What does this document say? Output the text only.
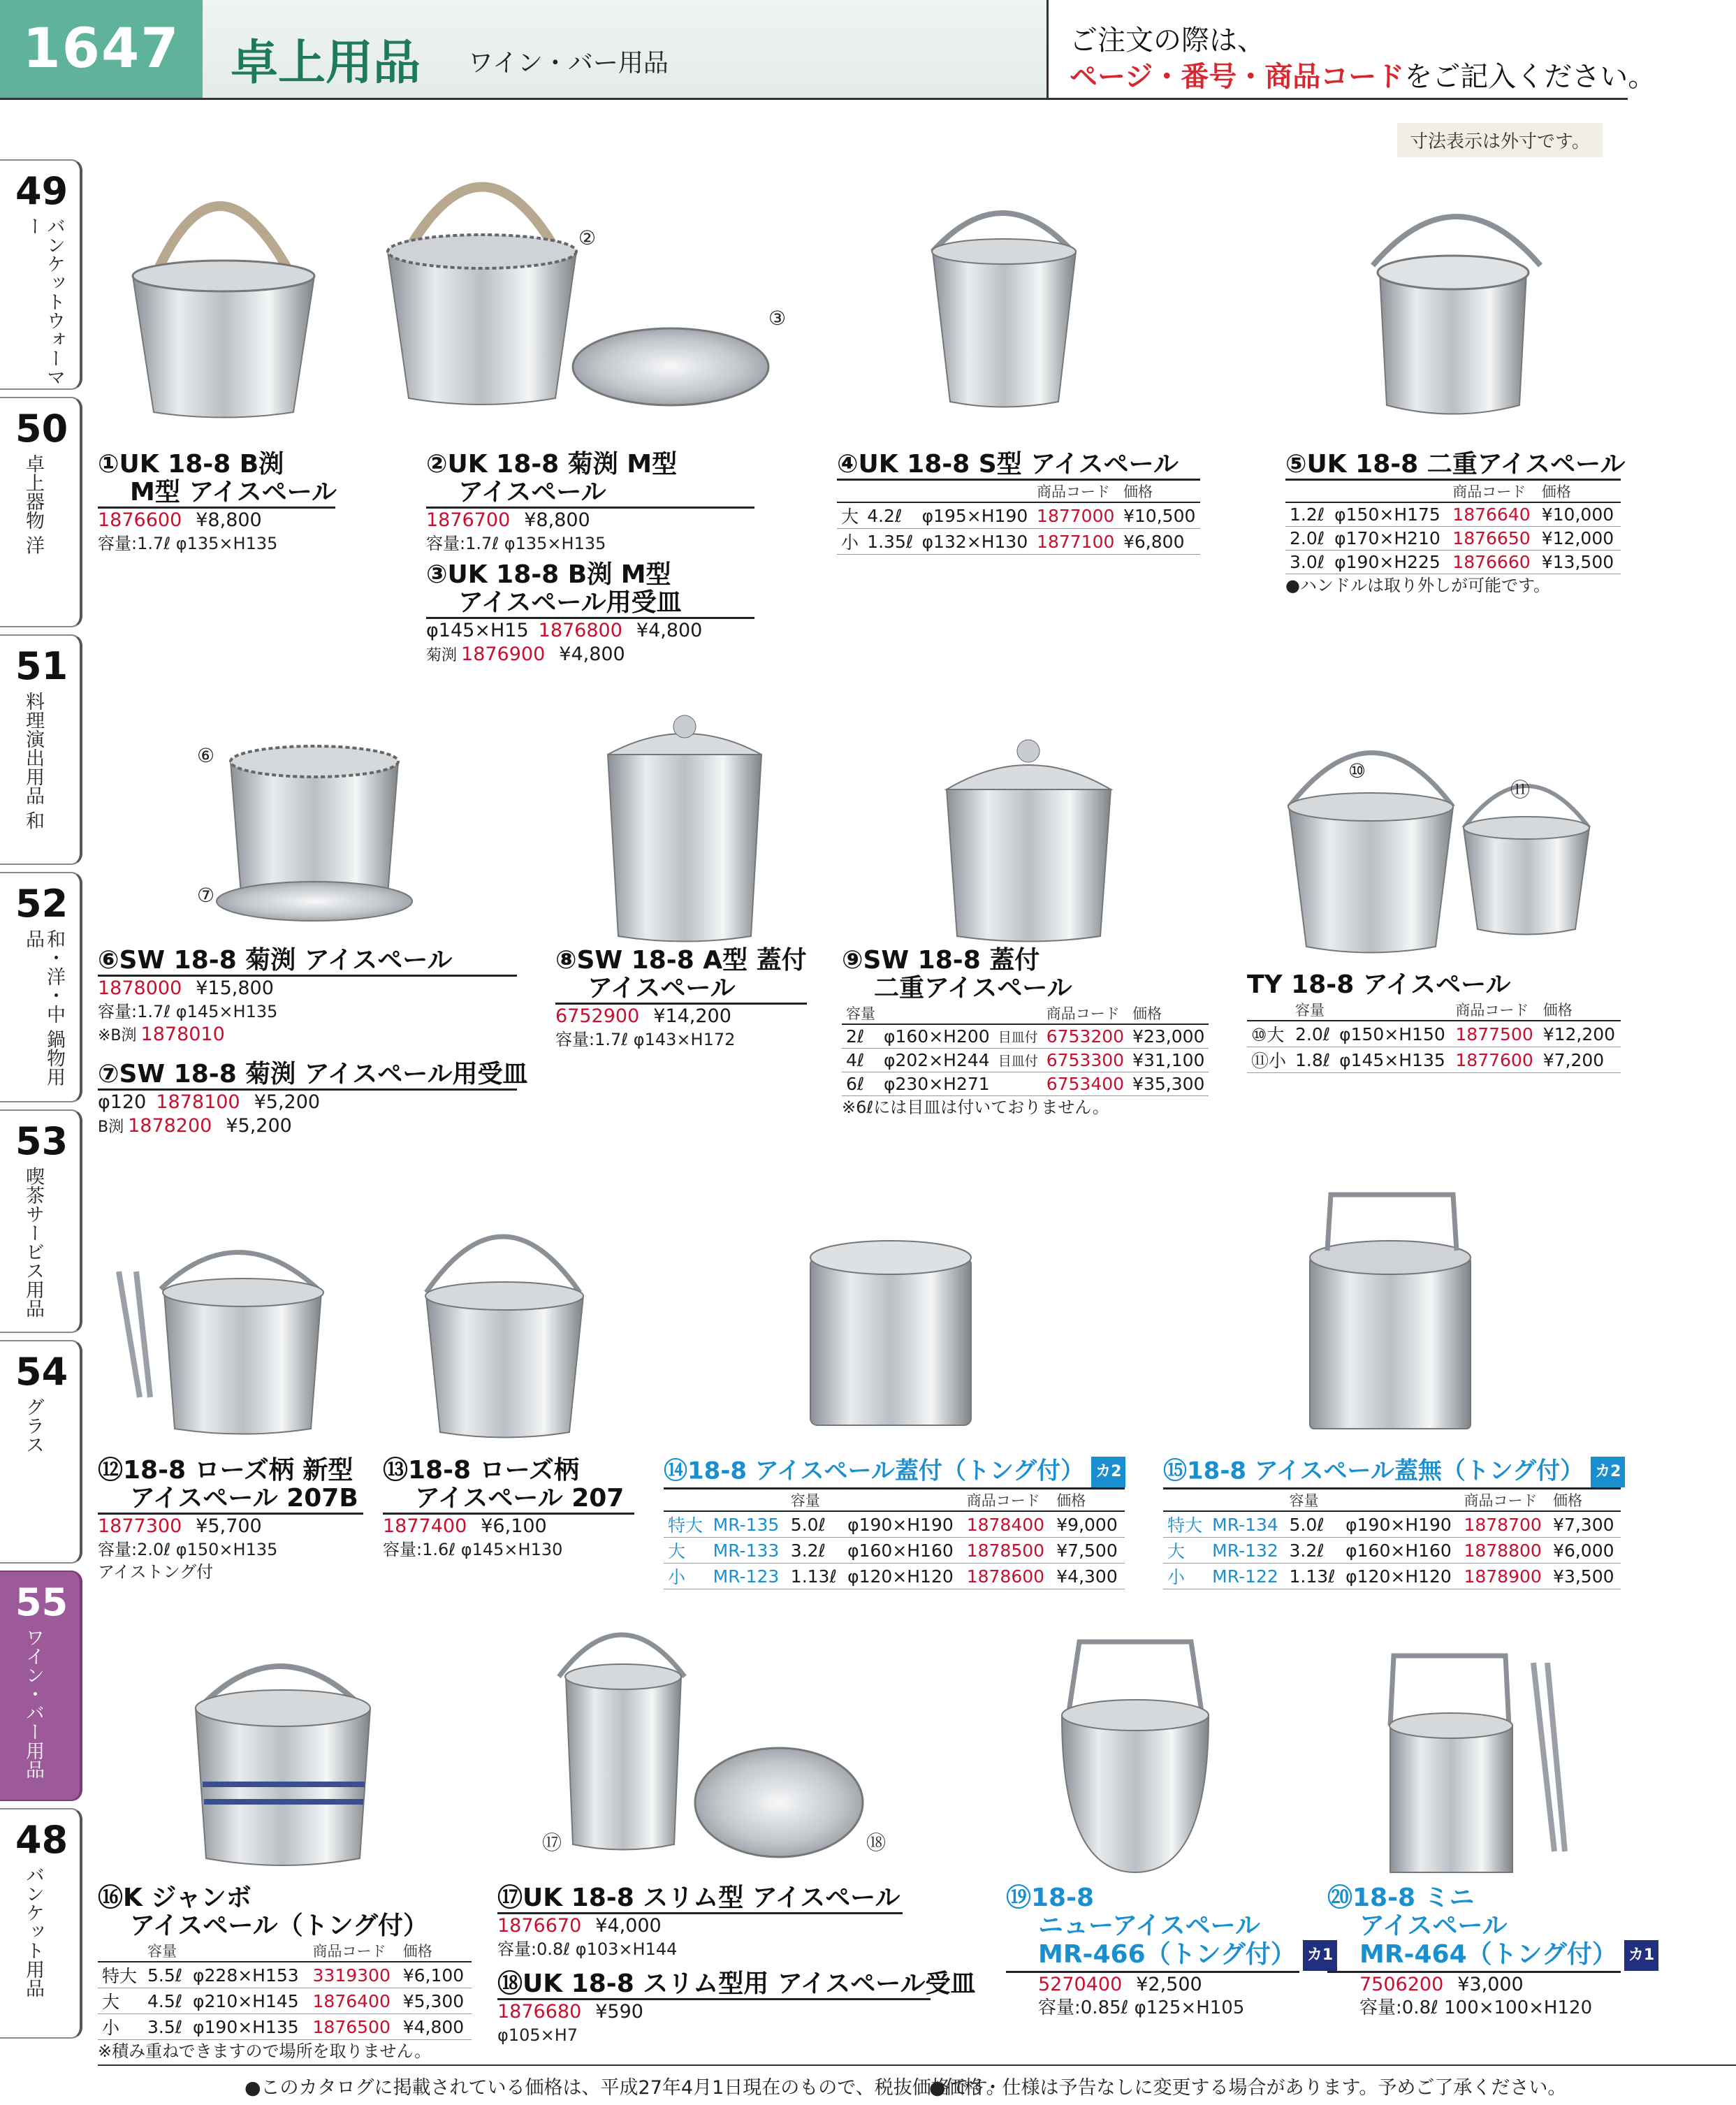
1647	卓上用品 ワイン・バー用品
ご注文の際は、
ページ・番号・商品コードをご記入ください。
寸法表示は外寸です。
49
バンケットウォーマー
50
卓上器物 洋
51
料理演出用品 和
52
和・洋・中 鍋物用品
53
喫茶サービス用品
54
グラス
55
ワイン・バー用品
48
バンケット用品
②
③
⑥
⑦
⑩
⑪
⑰	⑱
①UK 18-8 B渕
M型 アイスペール
1876600 ¥8,800
容量:1.7ℓ φ135×H135
②UK 18-8 菊渕 M型
アイスペール
1876700 ¥8,800
容量:1.7ℓ φ135×H135
③UK 18-8 B渕 M型
アイスペール用受皿
φ145×H15 1876800 ¥4,800
菊渕 1876900 ¥4,800
④UK 18-8 S型 アイスペール
			商品コード	価格
大	4.2ℓ	φ195×H190	1877000	¥10,500
小	1.35ℓ	φ132×H130	1877100	¥6,800
⑤UK 18-8 二重アイスペール
		商品コード	価格
1.2ℓ	φ150×H175	1876640	¥10,000
2.0ℓ	φ170×H210	1876650	¥12,000
3.0ℓ	φ190×H225	1876660	¥13,500
●ハンドルは取り外しが可能です。
⑥SW 18-8 菊渕 アイスペール
1878000 ¥15,800
容量:1.7ℓ φ145×H135
※B渕 1878010
⑦SW 18-8 菊渕 アイスペール用受皿
φ120 1878100 ¥5,200
B渕 1878200 ¥5,200
⑧SW 18-8 A型 蓋付
アイスペール
6752900 ¥14,200
容量:1.7ℓ φ143×H172
⑨SW 18-8 蓋付
二重アイスペール
容量			商品コード	価格
2ℓ	φ160×H200	目皿付	6753200	¥23,000
4ℓ	φ202×H244	目皿付	6753300	¥31,100
6ℓ	φ230×H271		6753400	¥35,300
※6ℓには目皿は付いておりません。
TY 18-8 アイスペール
	容量		商品コード	価格
⑩大	2.0ℓ	φ150×H150	1877500	¥12,200
⑪小	1.8ℓ	φ145×H135	1877600	¥7,200
⑫18-8 ローズ柄 新型
アイスペール 207B
1877300 ¥5,700
容量:2.0ℓ φ150×H135
アイストング付
⑬18-8 ローズ柄
アイスペール 207
1877400 ¥6,100
容量:1.6ℓ φ145×H130
⑭18-8 アイスペール蓋付（トング付） カ2
		容量		商品コード	価格
特大	MR-135	5.0ℓ	φ190×H190	1878400	¥9,000
大	MR-133	3.2ℓ	φ160×H160	1878500	¥7,500
小	MR-123	1.13ℓ	φ120×H120	1878600	¥4,300
⑮18-8 アイスペール蓋無（トング付） カ2
		容量		商品コード	価格
特大	MR-134	5.0ℓ	φ190×H190	1878700	¥7,300
大	MR-132	3.2ℓ	φ160×H160	1878800	¥6,000
小	MR-122	1.13ℓ	φ120×H120	1878900	¥3,500
⑯K ジャンボ
アイスペール（トング付）
	容量		商品コード	価格
特大	5.5ℓ	φ228×H153	3319300	¥6,100
大	4.5ℓ	φ210×H145	1876400	¥5,300
小	3.5ℓ	φ190×H135	1876500	¥4,800
※積み重ねできますので場所を取りません。
⑰UK 18-8 スリム型 アイスペール
1876670 ¥4,000
容量:0.8ℓ φ103×H144
⑱UK 18-8 スリム型用 アイスペール受皿
1876680 ¥590
φ105×H7
⑲18-8
ニューアイスペール
MR-466（トング付） カ1
5270400 ¥2,500
容量:0.85ℓ φ125×H105
⑳18-8 ミニ
アイスペール
MR-464（トング付） カ1
7506200 ¥3,000
容量:0.8ℓ 100×100×H120
●このカタログに掲載されている価格は、平成27年4月1日現在のもので、税抜価格です。
●価格・仕様は予告なしに変更する場合があります。予めご了承ください。
